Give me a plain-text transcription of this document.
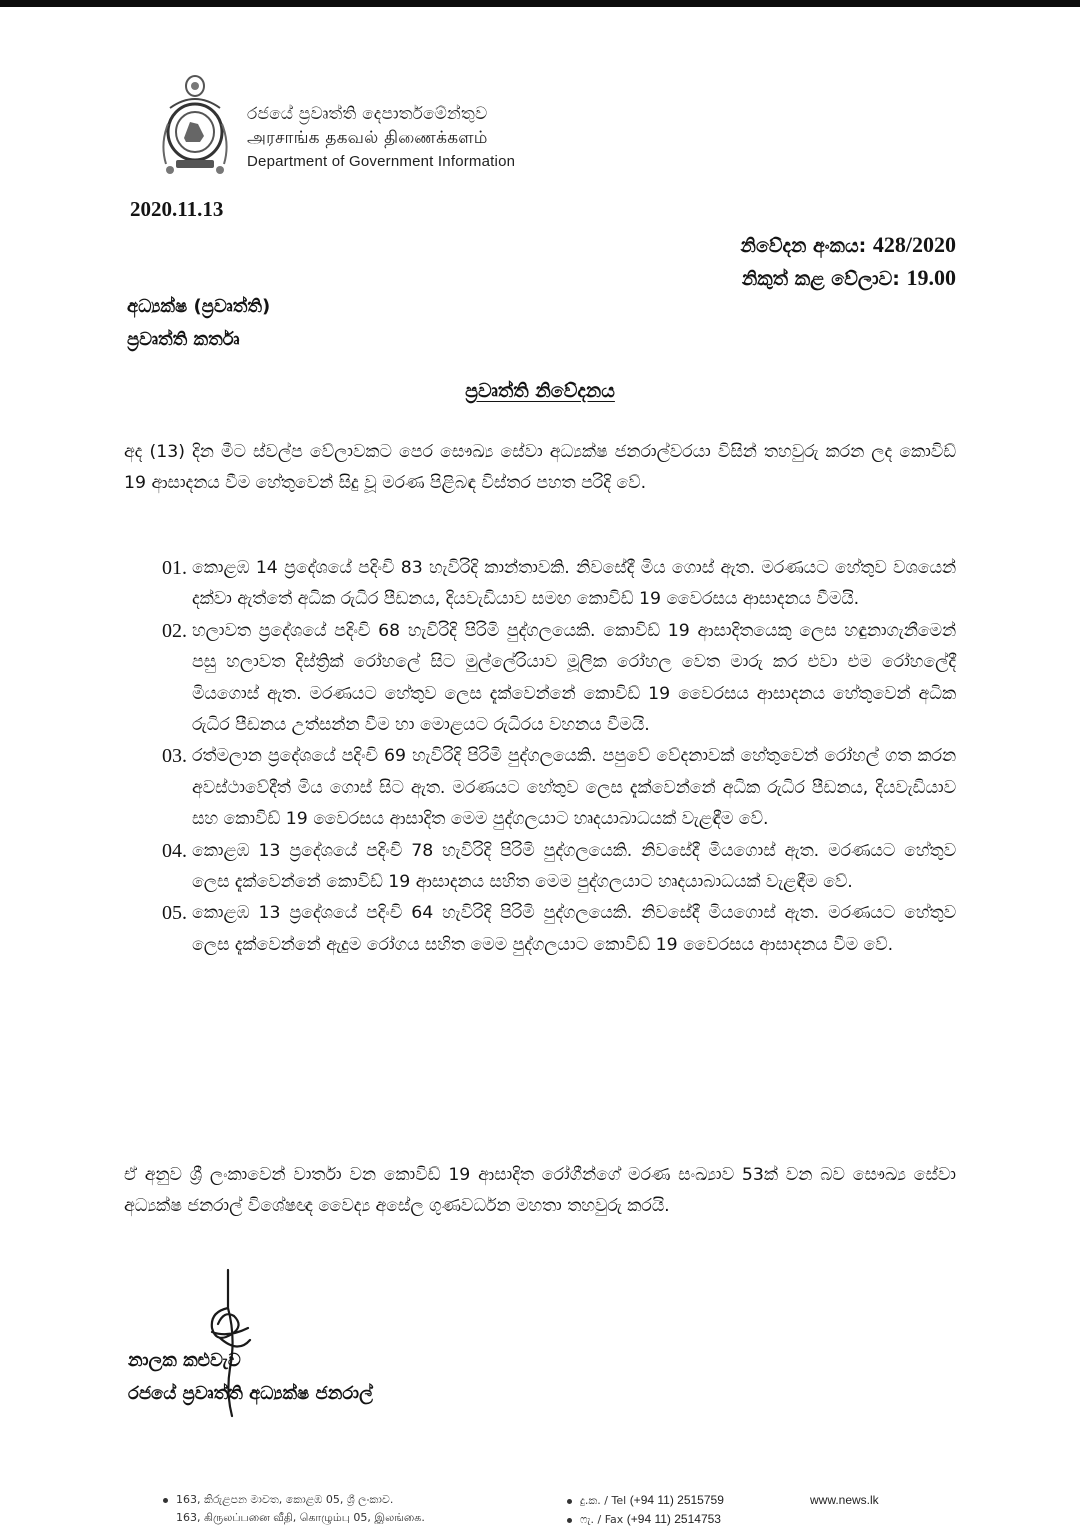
රජයේ ප්‍රවෘත්ති දෙපාර්තමේන්තුව
அரசாங்க தகவல் திணைக்களம்
Department of Government Information
2020.11.13
නිවේදන අංකය: 428/2020
නිකුත් කළ වේලාව: 19.00
අධ්‍යක්ෂ (ප්‍රවෘත්ති)
ප්‍රවෘත්ති කර්තෘ
ප්‍රවෘත්ති නිවේදනය
අද (13) දින මීට ස්වල්ප වේලාවකට පෙර සෞඛ්‍ය සේවා අධ්‍යක්ෂ ජනරාල්වරයා විසින් තහවුරු කරන ලද කොවිඩ් 19 ආසාදනය වීම හේතුවෙන් සිදු වූ මරණ පිළිබඳ විස්තර පහත පරිදි වේ.
01. කොළඹ 14 ප්‍රදේශයේ පදිංචි 83 හැවිරිදි කාන්තාවකි. නිවසේදී මිය ගොස් ඇත. මරණයට හේතුව වශයෙන් දක්වා ඇත්තේ අධික රුධිර පීඩනය, දියවැඩියාව සමඟ කොවිඩ් 19 වෛරසය ආසාදනය වීමයි.
02. හලාවත ප්‍රදේශයේ පදිංචි 68 හැවිරිදි පිරිමි පුද්ගලයෙකි. කොවිඩ් 19 ආසාදිතයෙකු ලෙස හඳුනාගැනීමෙන් පසු හලාවත දිස්ත්‍රික් රෝහලේ සිට මුල්ලේරියාව මූලික රෝහල වෙත මාරු කර එවා එම රෝහලේදී මියගොස් ඇත. මරණයට හේතුව ලෙස දැක්වෙන්නේ කොවිඩ් 19 වෛරසය ආසාදනය හේතුවෙන් අධික රුධිර පීඩනය උත්සන්න වීම හා මොළයට රුධිරය වහනය වීමයි.
03. රත්මලාන ප්‍රදේශයේ පදිංචි 69 හැවිරිදි පිරිමි පුද්ගලයෙකි. පපුවේ වේදනාවක් හේතුවෙන් රෝහල් ගත කරන අවස්ථාවේදීත් මිය ගොස් සිට ඇත. මරණයට හේතුව ලෙස දැක්වෙන්නේ අධික රුධිර පීඩනය, දියවැඩියාව සහ කොවිඩ් 19 වෛරසය ආසාදිත මෙම පුද්ගලයාට හෘදයාබාධයක් වැළඳීම වේ.
04. කොළඹ 13 ප්‍රදේශයේ පදිංචි 78 හැවිරිදි පිරිමි පුද්ගලයෙකි. නිවසේදී මියගොස් ඇත. මරණයට හේතුව ලෙස දැක්වෙන්නේ කොවිඩ් 19 ආසාදනය සහිත මෙම පුද්ගලයාට හෘදයාබාධයක් වැළඳීම වේ.
05. කොළඹ 13 ප්‍රදේශයේ පදිංචි 64 හැවිරිදි පිරිමි පුද්ගලයෙකි. නිවසේදී මියගොස් ඇත. මරණයට හේතුව ලෙස දැක්වෙන්නේ ඇදුම රෝගය සහිත මෙම පුද්ගලයාට කොවිඩ් 19 වෛරසය ආසාදනය වීම වේ.
ඒ අනුව ශ්‍රී ලංකාවෙන් වාර්තා වන කොවිඩ් 19 ආසාදිත රෝගීන්ගේ මරණ සංඛ්‍යාව 53ක් වන බව සෞඛ්‍ය සේවා අධ්‍යක්ෂ ජනරාල් විශේෂඥ වෛද්‍ය අසේල ගුණවර්ධන මහතා තහවුරු කරයි.
නාලක කළුවැව
රජයේ ප්‍රවෘත්ති අධ්‍යක්ෂ ජනරාල්
163, කිරුළපන මාවත, කොළඹ 05, ශ්‍රී ලංකාව.
163, கிருலப்பனை வீதி, கொழும்பு 05, இலங்கை.
දු.ක. / Tel (+94 11) 2515759
ෆැ. / Fax (+94 11) 2514753
www.news.lk
